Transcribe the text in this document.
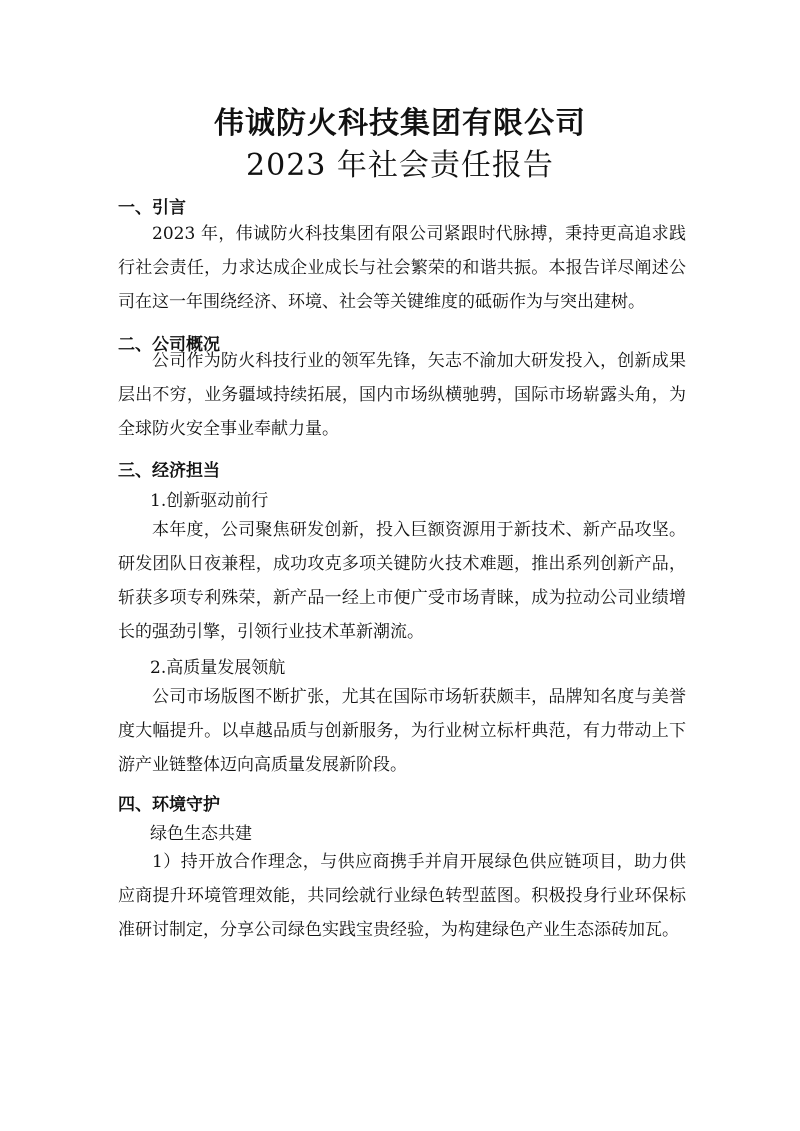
伟诚防火科技集团有限公司
2023 年社会责任报告
一、引言

2023 年，伟诚防火科技集团有限公司紧跟时代脉搏，秉持更高追求践行社会责任，力求达成企业成长与社会繁荣的和谐共振。本报告详尽阐述公司在这一年围绕经济、环境、社会等关键维度的砥砺作为与突出建树。

二、公司概况

公司作为防火科技行业的领军先锋，矢志不渝加大研发投入，创新成果层出不穷，业务疆域持续拓展，国内市场纵横驰骋，国际市场崭露头角，为全球防火安全事业奉献力量。

三、经济担当
1.创新驱动前行

本年度，公司聚焦研发创新，投入巨额资源用于新技术、新产品攻坚。研发团队日夜兼程，成功攻克多项关键防火技术难题，推出系列创新产品，斩获多项专利殊荣，新产品一经上市便广受市场青睐，成为拉动公司业绩增长的强劲引擎，引领行业技术革新潮流。

2.高质量发展领航

公司市场版图不断扩张，尤其在国际市场斩获颇丰，品牌知名度与美誉度大幅提升。以卓越品质与创新服务，为行业树立标杆典范，有力带动上下游产业链整体迈向高质量发展新阶段。

四、环境守护
绿色生态共建

1）持开放合作理念，与供应商携手并肩开展绿色供应链项目，助力供应商提升环境管理效能，共同绘就行业绿色转型蓝图。积极投身行业环保标准研讨制定，分享公司绿色实践宝贵经验，为构建绿色产业生态添砖加瓦。
